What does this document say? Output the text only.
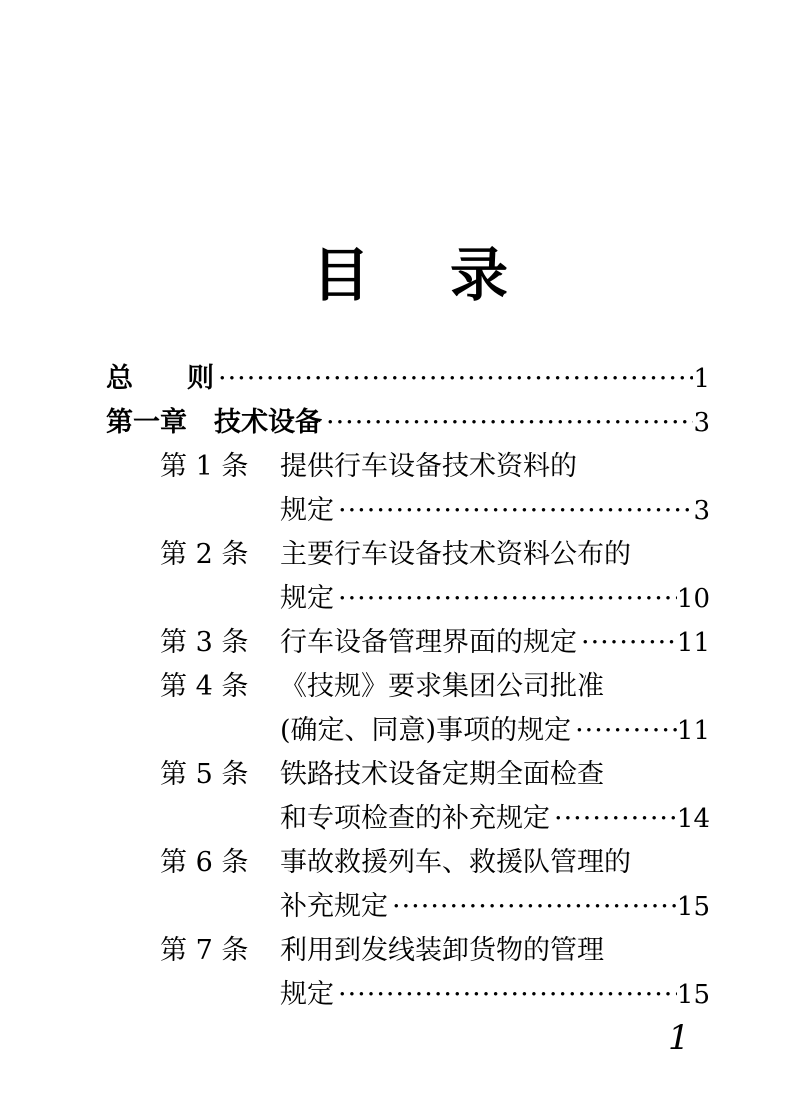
目 录
总　　则 ·····	1
第一章　技术设备 ·····	3
第 1 条 提供行车设备技术资料的
规定 ·····	3
第 2 条 主要行车设备技术资料公布的
规定 ·····	10
第 3 条 行车设备管理界面的规定 ·····	11
第 4 条 《技规》要求集团公司批准
(确定、同意)事项的规定 ·····	11
第 5 条 铁路技术设备定期全面检查
和专项检查的补充规定 ·····	14
第 6 条 事故救援列车、救援队管理的
补充规定 ·····	15
第 7 条 利用到发线装卸货物的管理
规定 ·····	15
1
